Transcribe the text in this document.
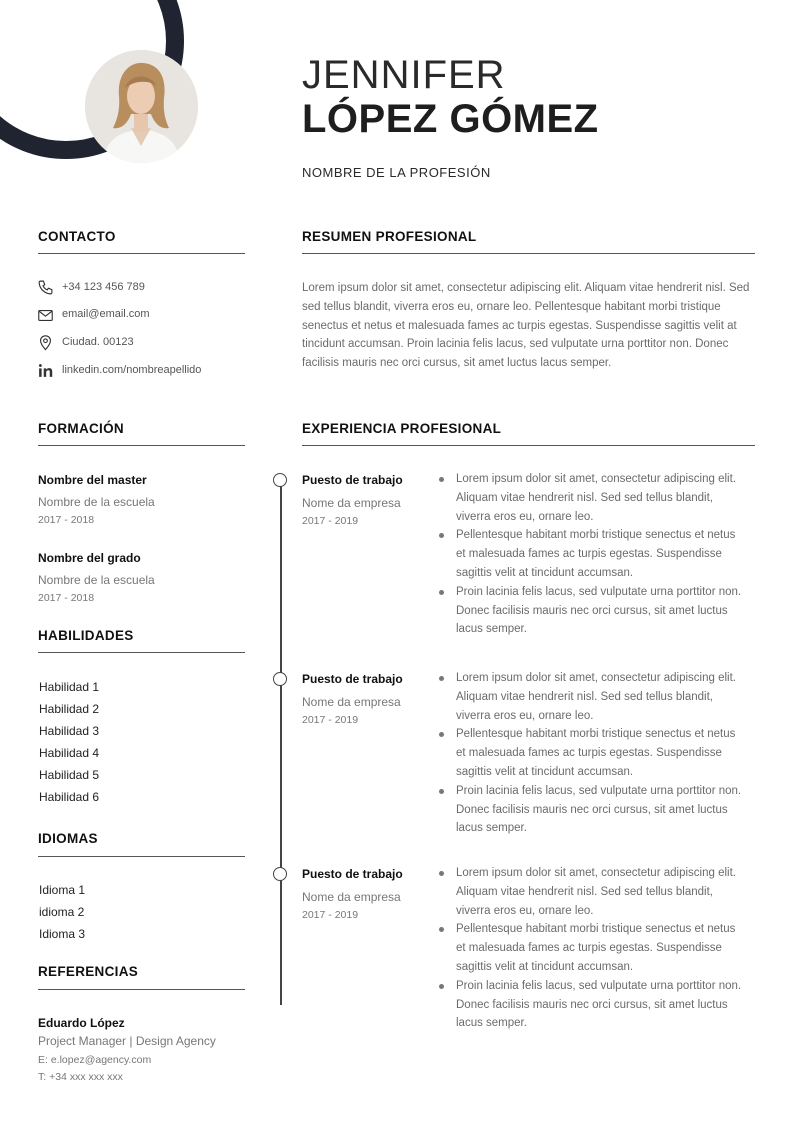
JENNIFER
LÓPEZ GÓMEZ
NOMBRE DE LA PROFESIÓN
CONTACTO
+34 123 456 789
email@email.com
Ciudad. 00123
linkedin.com/nombreapellido
FORMACIÓN
Nombre del master
Nombre de la escuela
2017 - 2018
Nombre del grado
Nombre de la escuela
2017 - 2018
HABILIDADES
Habilidad 1
Habilidad 2
Habilidad 3
Habilidad 4
Habilidad 5
Habilidad 6
IDIOMAS
Idioma 1
idioma 2
Idioma 3
REFERENCIAS
Eduardo López
Project Manager | Design Agency
E: e.lopez@agency.com
T: +34 xxx xxx xxx
RESUMEN PROFESIONAL
Lorem ipsum dolor sit amet, consectetur adipiscing elit. Aliquam vitae hendrerit nisl. Sed sed tellus blandit, viverra eros eu, ornare leo. Pellentesque habitant morbi tristique senectus et netus et malesuada fames ac turpis egestas. Suspendisse sagittis velit at tincidunt accumsan. Proin lacinia felis lacus, sed vulputate urna porttitor non. Donec facilisis mauris nec orci cursus, sit amet luctus lacus semper.
EXPERIENCIA PROFESIONAL
Puesto de trabajo
Nome da empresa
2017 - 2019
Lorem ipsum dolor sit amet, consectetur adipiscing elit. Aliquam vitae hendrerit nisl. Sed sed tellus blandit, viverra eros eu, ornare leo.
Pellentesque habitant morbi tristique senectus et netus et malesuada fames ac turpis egestas. Suspendisse sagittis velit at tincidunt accumsan.
Proin lacinia felis lacus, sed vulputate urna porttitor non. Donec facilisis mauris nec orci cursus, sit amet luctus lacus semper.
Puesto de trabajo
Nome da empresa
2017 - 2019
Lorem ipsum dolor sit amet, consectetur adipiscing elit. Aliquam vitae hendrerit nisl. Sed sed tellus blandit, viverra eros eu, ornare leo.
Pellentesque habitant morbi tristique senectus et netus et malesuada fames ac turpis egestas. Suspendisse sagittis velit at tincidunt accumsan.
Proin lacinia felis lacus, sed vulputate urna porttitor non. Donec facilisis mauris nec orci cursus, sit amet luctus lacus semper.
Puesto de trabajo
Nome da empresa
2017 - 2019
Lorem ipsum dolor sit amet, consectetur adipiscing elit. Aliquam vitae hendrerit nisl. Sed sed tellus blandit, viverra eros eu, ornare leo.
Pellentesque habitant morbi tristique senectus et netus et malesuada fames ac turpis egestas. Suspendisse sagittis velit at tincidunt accumsan.
Proin lacinia felis lacus, sed vulputate urna porttitor non. Donec facilisis mauris nec orci cursus, sit amet luctus lacus semper.
